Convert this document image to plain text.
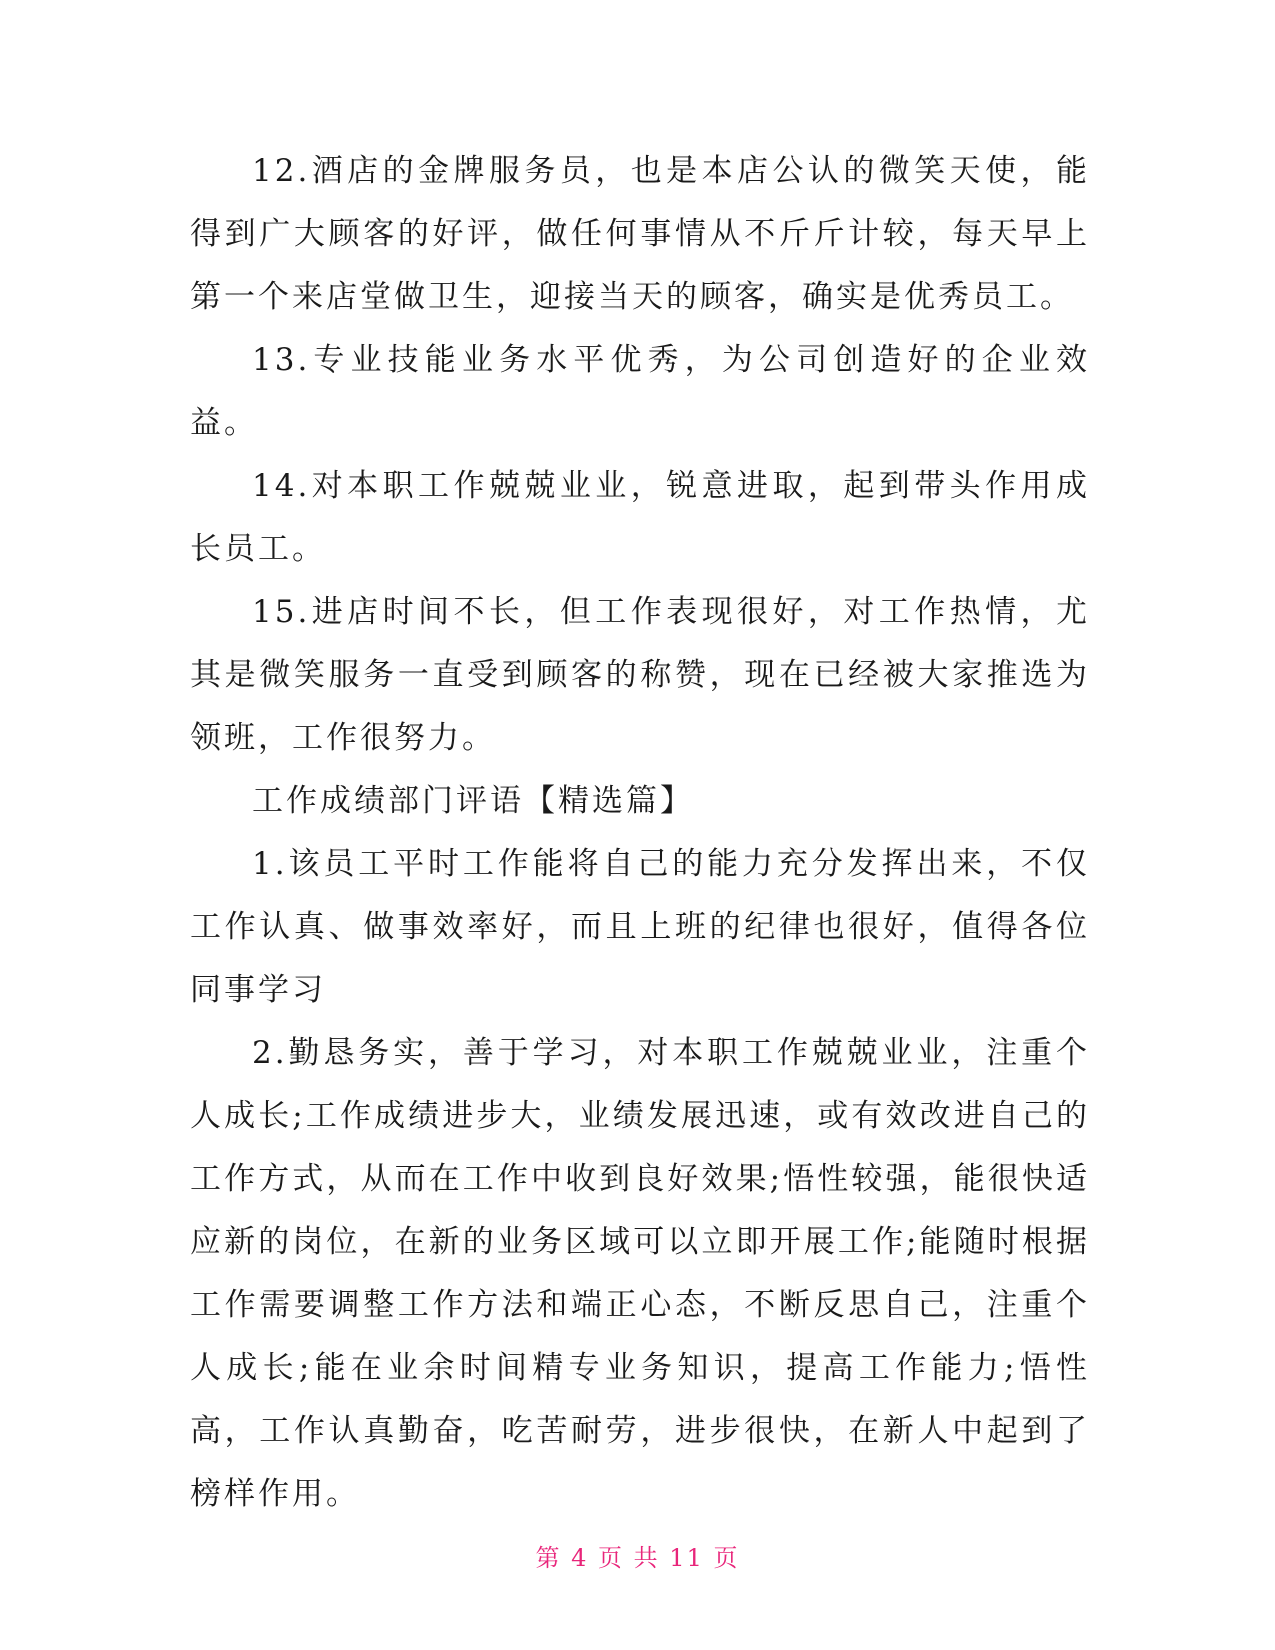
12.酒店的金牌服务员，也是本店公认的微笑天使，能得到广大顾客的好评，做任何事情从不斤斤计较，每天早上第一个来店堂做卫生，迎接当天的顾客，确实是优秀员工。

13.专业技能业务水平优秀，为公司创造好的企业效益。

14.对本职工作兢兢业业，锐意进取，起到带头作用成长员工。

15.进店时间不长，但工作表现很好，对工作热情，尤其是微笑服务一直受到顾客的称赞，现在已经被大家推选为领班，工作很努力。

工作成绩部门评语【精选篇】

1.该员工平时工作能将自己的能力充分发挥出来，不仅工作认真、做事效率好，而且上班的纪律也很好，值得各位同事学习

2.勤恳务实，善于学习，对本职工作兢兢业业，注重个人成长;工作成绩进步大，业绩发展迅速，或有效改进自己的工作方式，从而在工作中收到良好效果;悟性较强，能很快适应新的岗位，在新的业务区域可以立即开展工作;能随时根据工作需要调整工作方法和端正心态，不断反思自己，注重个人成长;能在业余时间精专业务知识，提高工作能力;悟性高，工作认真勤奋，吃苦耐劳，进步很快，在新人中起到了榜样作用。

第 4 页 共 11 页
